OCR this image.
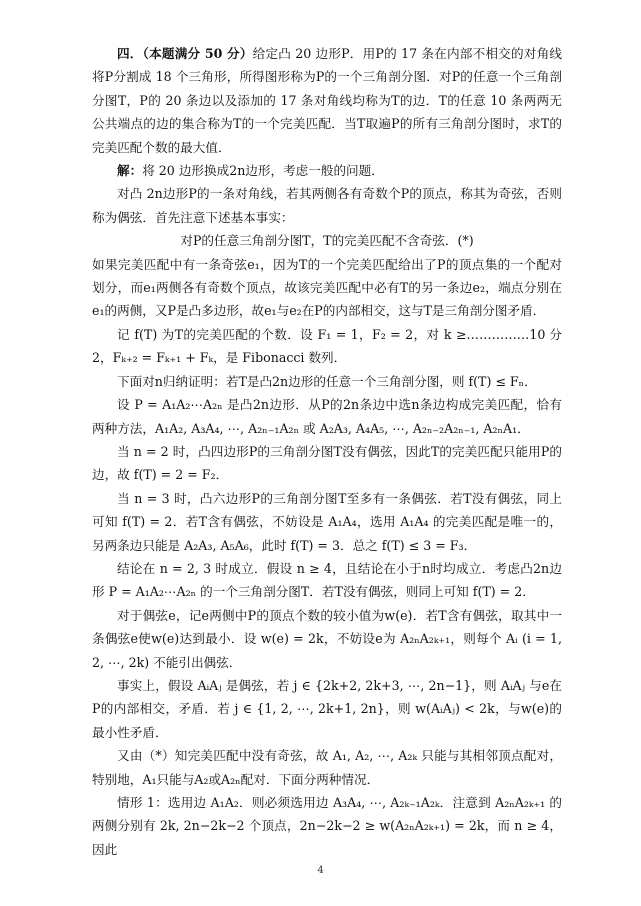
四．（本题满分 50 分）给定凸 20 边形P．用P的 17 条在内部不相交的对角线将P分割成 18 个三角形，所得图形称为P的一个三角剖分图．对P的任意一个三角剖分图T，P的 20 条边以及添加的 17 条对角线均称为T的边．T的任意 10 条两两无公共端点的边的集合称为T的一个完美匹配．当T取遍P的所有三角剖分图时，求T的完美匹配个数的最大值．

解：将 20 边形换成2n边形，考虑一般的问题．

对凸 2n边形P的一条对角线，若其两侧各有奇数个P的顶点，称其为奇弦，否则称为偶弦．首先注意下述基本事实：

对P的任意三角剖分图T，T的完美匹配不含奇弦．(*)

如果完美匹配中有一条奇弦e₁，因为T的一个完美匹配给出了P的顶点集的一个配对划分，而e₁两侧各有奇数个顶点，故该完美匹配中必有T的另一条边e₂，端点分别在e₁的两侧，又P是凸多边形，故e₁与e₂在P的内部相交，这与T是三角剖分图矛盾．
……………10 分

记 f(T) 为T的完美匹配的个数．设 F₁ = 1，F₂ = 2，对 k ≥ 2，Fₖ₊₂ = Fₖ₊₁ + Fₖ，是 Fibonacci 数列．

下面对n归纳证明：若T是凸2n边形的任意一个三角剖分图，则 f(T) ≤ Fₙ．

设 P = A₁A₂⋯A₂ₙ 是凸2n边形．从P的2n条边中选n条边构成完美匹配，恰有两种方法，A₁A₂, A₃A₄, ⋯, A₂ₙ₋₁A₂ₙ 或 A₂A₃, A₄A₅, ⋯, A₂ₙ₋₂A₂ₙ₋₁, A₂ₙA₁．

当 n = 2 时，凸四边形P的三角剖分图T没有偶弦，因此T的完美匹配只能用P的边，故 f(T) = 2 = F₂．

当 n = 3 时，凸六边形P的三角剖分图T至多有一条偶弦．若T没有偶弦，同上可知 f(T) = 2．若T含有偶弦，不妨设是 A₁A₄，选用 A₁A₄ 的完美匹配是唯一的，另两条边只能是 A₂A₃, A₅A₆，此时 f(T) = 3．总之 f(T) ≤ 3 = F₃．

结论在 n = 2, 3 时成立．假设 n ≥ 4，且结论在小于n时均成立．考虑凸2n边形 P = A₁A₂⋯A₂ₙ 的一个三角剖分图T．若T没有偶弦，则同上可知 f(T) = 2．

对于偶弦e，记e两侧中P的顶点个数的较小值为w(e)．若T含有偶弦，取其中一条偶弦e使w(e)达到最小．设 w(e) = 2k，不妨设e为 A₂ₙA₂ₖ₊₁，则每个 Aᵢ (i = 1, 2, ⋯, 2k) 不能引出偶弦．

事实上，假设 AᵢAⱼ 是偶弦，若 j ∈ {2k+2, 2k+3, ⋯, 2n−1}，则 AᵢAⱼ 与e在P的内部相交，矛盾．若 j ∈ {1, 2, ⋯, 2k+1, 2n}，则 w(AᵢAⱼ) < 2k，与w(e)的最小性矛盾．

又由（*）知完美匹配中没有奇弦，故 A₁, A₂, ⋯, A₂ₖ 只能与其相邻顶点配对，特别地，A₁只能与A₂或A₂ₙ配对．下面分两种情况．

情形 1：选用边 A₁A₂．则必须选用边 A₃A₄, ⋯, A₂ₖ₋₁A₂ₖ．注意到 A₂ₙA₂ₖ₊₁ 的两侧分别有 2k, 2n−2k−2 个顶点，2n−2k−2 ≥ w(A₂ₙA₂ₖ₊₁) = 2k，而 n ≥ 4，因此

4
